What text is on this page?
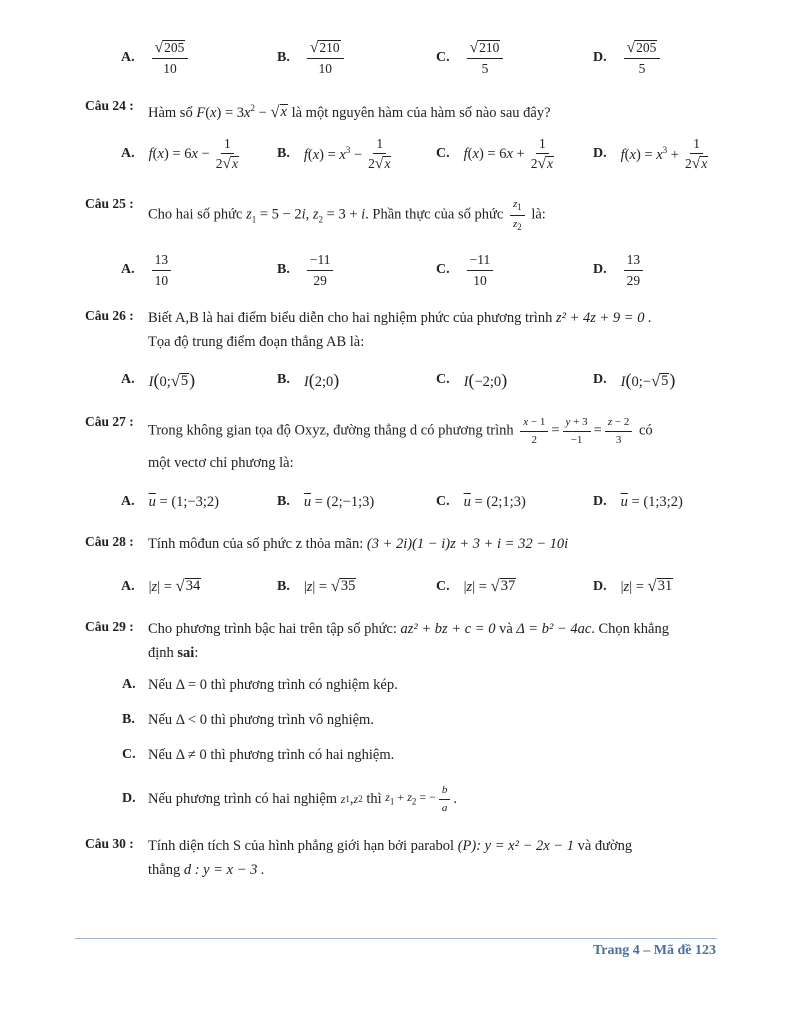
A. $\frac{√ 205}{10}$	B. $\frac{√ 210}{10}$	C. $\frac{√ 210}{5}$	D. $\frac{√ 205}{5}$
Câu 24 : Hàm số $F(x) = 3x^2$ − √ x là một nguyên hàm của hàm số nào sau đây?
A. $f(x) = 6x - \frac{1}{2 √ x}$	B. $f(x) = x^3 - \frac{1}{2 √ x}$	C. $f(x) = 6x + \frac{1}{2 √ x}$	D. $f(x) = x^3 + \frac{1}{2 √ x}$
Câu 25 :
Cho hai số phức $z_1 = 5 - 2i$, $z_2 = 3 + i$. Phần thực của số phức $\frac{z_1}{z_2}$ là:
A. $\frac{13}{10}$	B. $\frac{-11}{29}$	C. $\frac{-11}{10}$	D. $\frac{13}{29}$
Câu 26 : Biết A,B là hai điểm biểu diễn cho hai nghiệm phức của phương trình z² + 4z + 9 = 0 .
Tọa độ trung điểm đoạn thẳng AB là:
A. I(0; √ 5 )	B. I(2;0)	C. I(−2;0)	D. I(0;− √ 5 )
Câu 27 :
Trong không gian tọa độ Oxyz, đường thẳng d có phương trình $\frac{x - 1}{2} = \frac{y + 3}{-1} = \frac{z - 2}{3}$ có
một vectơ chỉ phương là:
A. $\overline{u}$ = (1;−3;2)	B. $\overline{u}$ = (2;−1;3)	C. $\overline{u}$ = (2;1;3)	D. $\overline{u}$ = (1;3;2)
Câu 28 : Tính môđun của số phức z thỏa mãn: (3 + 2i)(1 − i)z + 3 + i = 32 − 10i
A. |z| = √ 34	B. |z| = √ 35	C. |z| = √ 37	D. |z| = √ 31
Câu 29 : Cho phương trình bậc hai trên tập số phức: az² + bz + c = 0 và Δ = b² − 4ac. Chọn khẳng
định sai:
A. Nếu Δ = 0 thì phương trình có nghiệm kép.
B. Nếu Δ < 0 thì phương trình vô nghiệm.
C. Nếu Δ ≠ 0 thì phương trình có hai nghiệm.
D. Nếu phương trình có hai nghiệm
z 1 , z 2
thì
$z_1 + z_2$ = − $\frac{b}{a}$ .
Câu 30 : Tính diện tích S của hình phẳng giới hạn bởi parabol (P): y = x² − 2x − 1 và đường
thẳng d : y = x − 3 .
Trang 4 – Mã đề 123
